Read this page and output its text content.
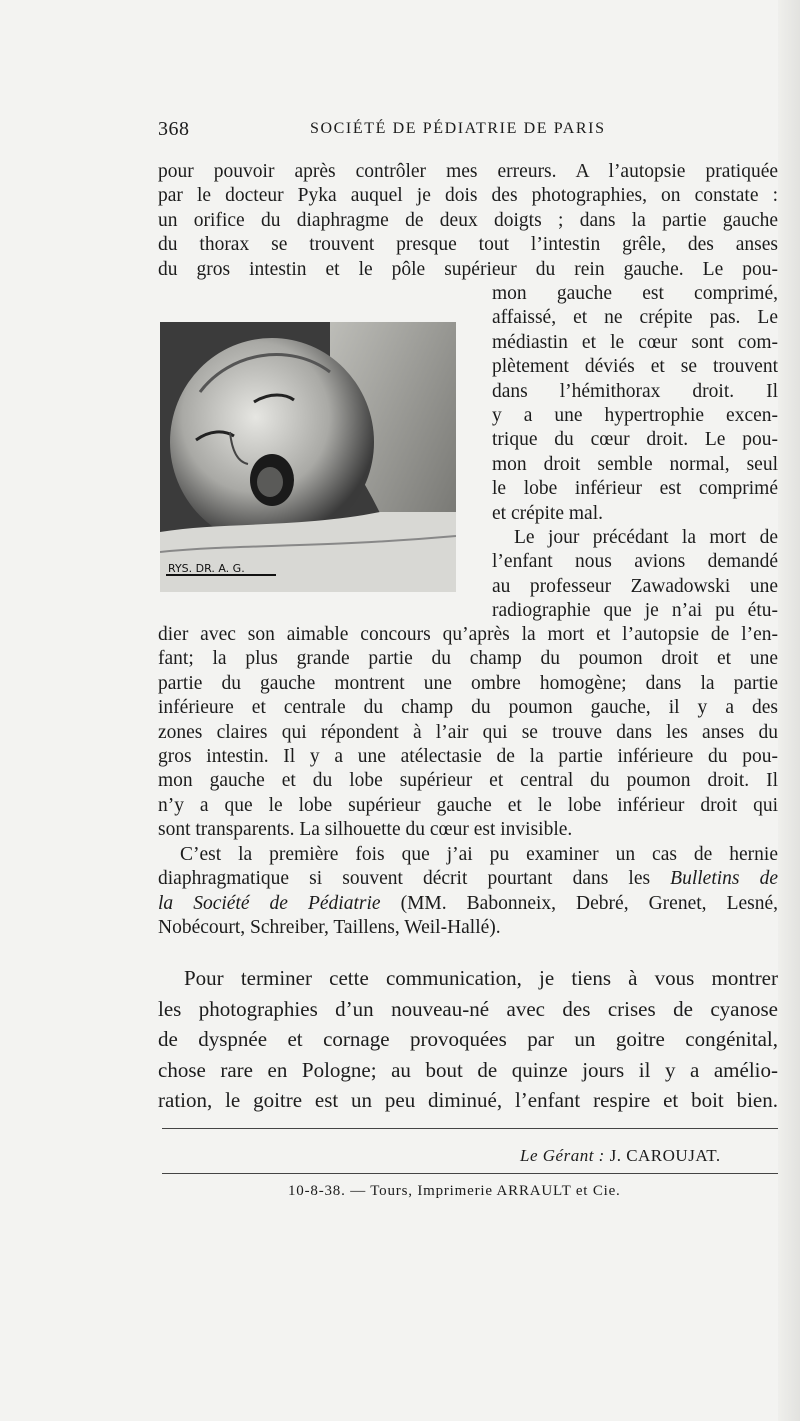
368	SOCIÉTÉ DE PÉDIATRIE DE PARIS
pour pouvoir après contrôler mes erreurs. A l’autopsie pratiquée
par le docteur Pyka auquel je dois des photographies, on constate :
un orifice du diaphragme de deux doigts ; dans la partie gauche
du thorax se trouvent presque tout l’intestin grêle, des anses
du gros intestin et le pôle supérieur du rein gauche. Le pou-
mon gauche est comprimé,
affaissé, et ne crépite pas. Le
médiastin et le cœur sont com-
plètement déviés et se trouvent
dans l’hémithorax droit. Il
y a une hypertrophie excen-
trique du cœur droit. Le pou-
mon droit semble normal, seul
le lobe inférieur est comprimé
et crépite mal.
Le jour précédant la mort de
l’enfant nous avions demandé
au professeur Zawadowski une
radiographie que je n’ai pu étu-
RYS. DR. A. G.
dier avec son aimable concours qu’après la mort et l’autopsie de l’en-
fant; la plus grande partie du champ du poumon droit et une
partie du gauche montrent une ombre homogène; dans la partie
inférieure et centrale du champ du poumon gauche, il y a des
zones claires qui répondent à l’air qui se trouve dans les anses du
gros intestin. Il y a une atélectasie de la partie inférieure du pou-
mon gauche et du lobe supérieur et central du poumon droit. Il
n’y a que le lobe supérieur gauche et le lobe inférieur droit qui
sont transparents. La silhouette du cœur est invisible.
C’est la première fois que j’ai pu examiner un cas de hernie
diaphragmatique si souvent décrit pourtant dans les Bulletins de
la Société de Pédiatrie (MM. Babonneix, Debré, Grenet, Lesné,
Nobécourt, Schreiber, Taillens, Weil-Hallé).
Pour terminer cette communication, je tiens à vous montrer
les photographies d’un nouveau-né avec des crises de cyanose
de dyspnée et cornage provoquées par un goitre congénital,
chose rare en Pologne; au bout de quinze jours il y a amélio-
ration, le goitre est un peu diminué, l’enfant respire et boit bien.
Le Gérant : J. CAROUJAT.
10-8-38. — Tours, Imprimerie ARRAULT et Cie.
